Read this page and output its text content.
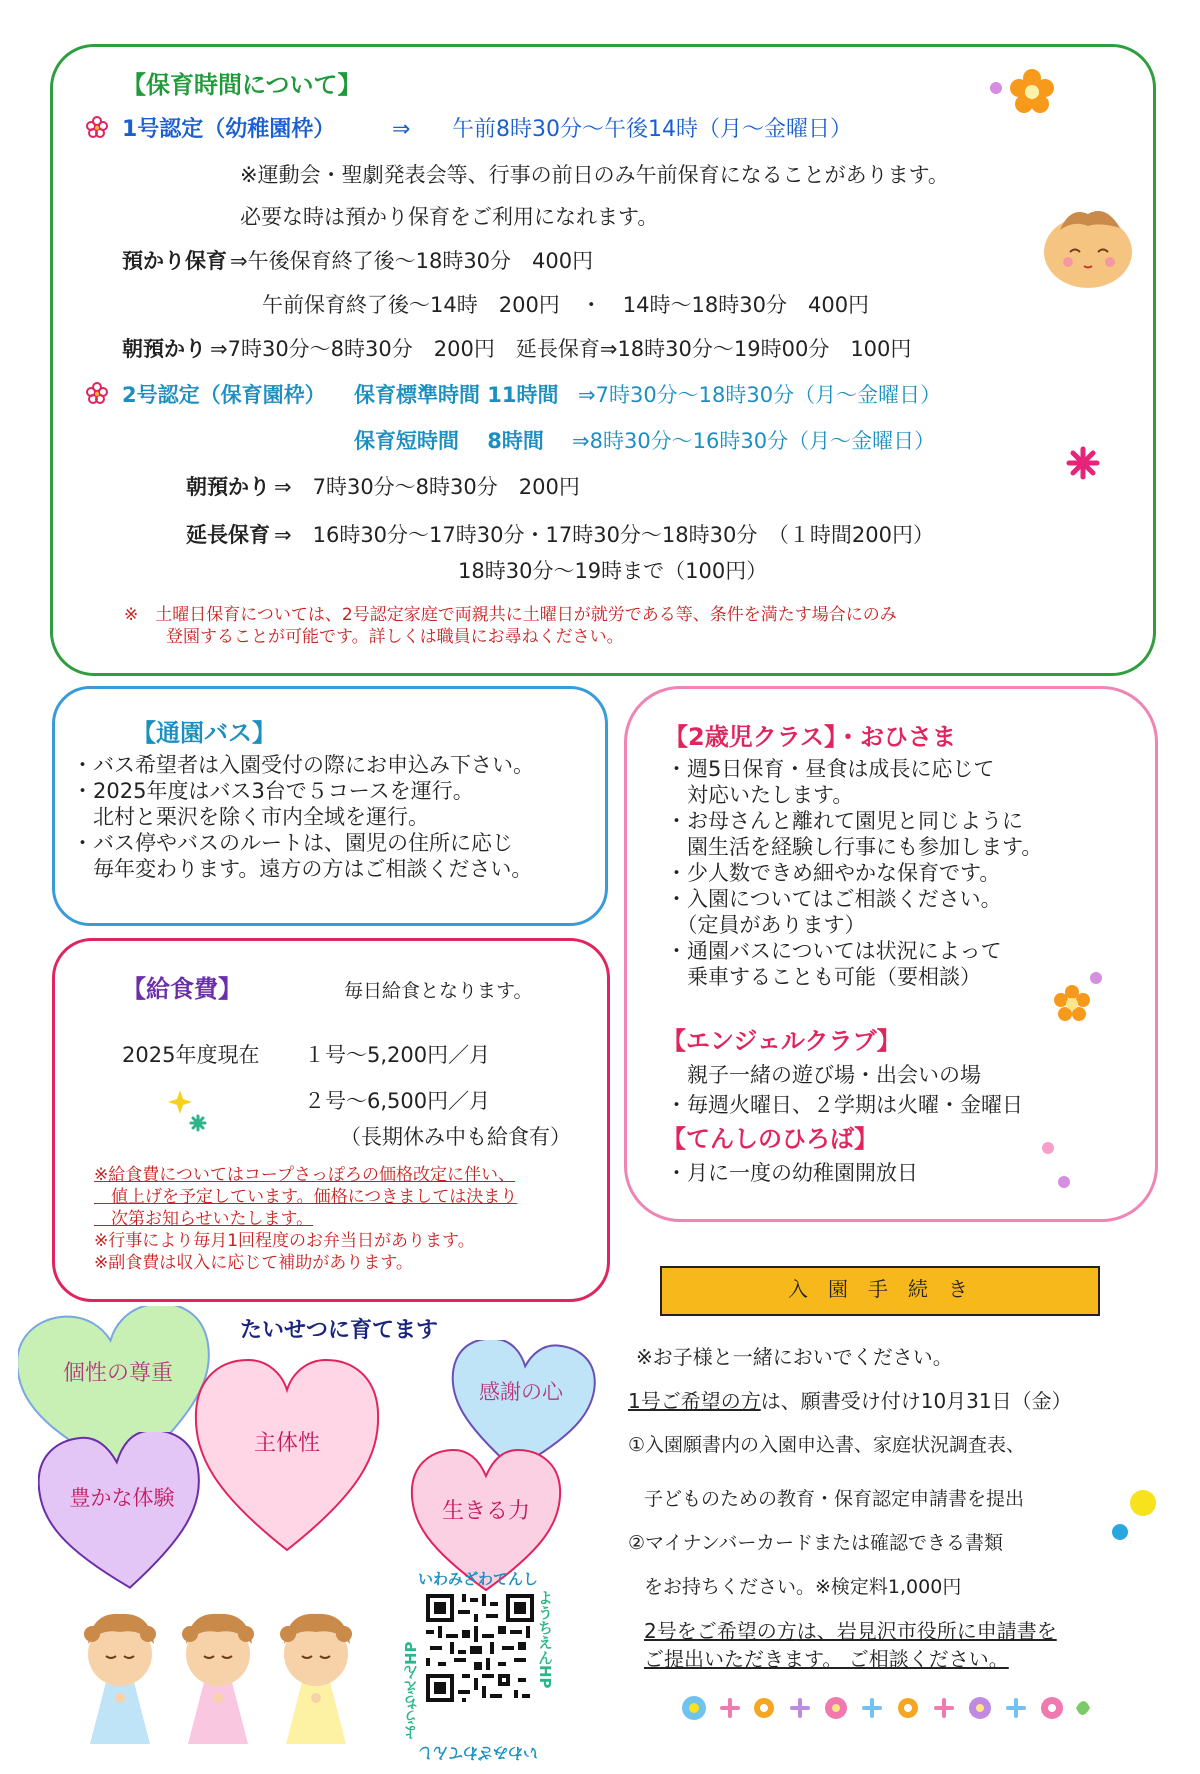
【保育時間について】
1号認定（幼稚園枠）	⇒ 午前8時30分～午後14時（月～金曜日）
※運動会・聖劇発表会等、行事の前日のみ午前保育になることがあります。
必要な時は預かり保育をご利用になれます。
預かり保育 ⇒午後保育終了後～18時30分　400円
午前保育終了後～14時　200円　・　14時～18時30分　400円
朝預かり ⇒7時30分～8時30分　200円　延長保育⇒18時30分～19時00分　100円
2号認定（保育園枠） 保育標準時間 11時間 ⇒7時30分～18時30分（月～金曜日）
保育短時間　 8時間 ⇒8時30分～16時30分（月～金曜日）
朝預かり ⇒　7時30分～8時30分　200円
延長保育 ⇒　16時30分～17時30分・17時30分～18時30分　（１時間200円）
18時30分～19時まで（100円）
※　土曜日保育については、2号認定家庭で両親共に土曜日が就労である等、条件を満たす場合にのみ
登園することが可能です。詳しくは職員にお尋ねください。
【通園バス】
・バス希望者は入園受付の際にお申込み下さい。
・2025年度はバス3台で５コースを運行。
　北村と栗沢を除く市内全域を運行。
・バス停やバスのルートは、園児の住所に応じ
　毎年変わります。遠方の方はご相談ください。
【給食費】	毎日給食となります。
2025年度現在 １号～5,200円／月
２号～6,500円／月
（長期休み中も給食有）
※給食費についてはコープさっぽろの価格改定に伴い、
　値上げを予定しています。価格につきましては決まり
　次第お知らせいたします。
※行事により毎月1回程度のお弁当日があります。
※副食費は収入に応じて補助があります。
【2歳児クラス】・おひさま
・週5日保育・昼食は成長に応じて
　対応いたします。
・お母さんと離れて園児と同じように
　園生活を経験し行事にも参加します。
・少人数できめ細やかな保育です。
・入園についてはご相談ください。
　（定員があります）
・通園バスについては状況によって
　乗車することも可能（要相談）
【エンジェルクラブ】
　親子一緒の遊び場・出会いの場
・毎週火曜日、２学期は火曜・金曜日
【てんしのひろば】
・月に一度の幼稚園開放日
たいせつに育てます
個性の尊重
主体性
感謝の心
豊かな体験
生きる力
いわみざわてんし
ようちえんHP
ようちえんHP
いわみざわてんし
入　園　手　続　き
※お子様と一緒においでください。
1号ご希望の方は、願書受け付け10月31日（金）
①入園願書内の入園申込書、家庭状況調査表、
子どものための教育・保育認定申請書を提出
②マイナンバーカードまたは確認できる書類
をお持ちください。※検定料1,000円
2号をご希望の方は、岩見沢市役所に申請書を
ご提出いただきます。 ご相談ください。
